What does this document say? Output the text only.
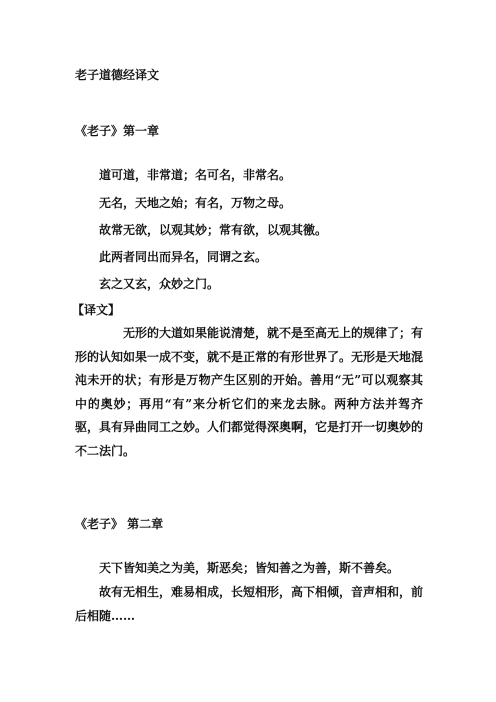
老子道德经译文
《老子》第一章

道可道，非常道；名可名，非常名。

无名，天地之始；有名，万物之母。

故常无欲，以观其妙；常有欲，以观其徼。

此两者同出而异名，同谓之玄。

玄之又玄，众妙之门。

【译文】

无形的大道如果能说清楚，就不是至高无上的规律了；有形的认知如果一成不变，就不是正常的有形世界了。无形是天地混沌未开的状；有形是万物产生区别的开始。善用“无”可以观察其中的奥妙；再用“有”来分析它们的来龙去脉。两种方法并驾齐驱，具有异曲同工之妙。人们都觉得深奥啊，它是打开一切奥妙的不二法门。

《老子》 第二章

天下皆知美之为美，斯恶矣；皆知善之为善，斯不善矣。

故有无相生，难易相成，长短相形，高下相倾，音声相和，前后相随……
